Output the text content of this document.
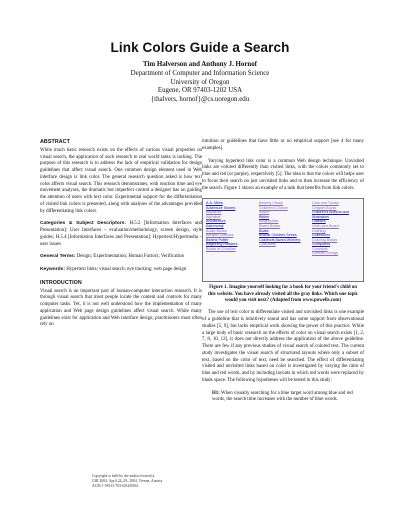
Link Colors Guide a Search
Tim Halverson and Anthony J. Hornof
Department of Computer and Information Science
University of Oregon
Eugene, OR 97403-1202 USA
{thalvers, hornof}@cs.uoregon.edu
ABSTRACT
While much basic research exists on the effects of various visual properties on visual search, the application of such research to real world tasks is lacking. The purpose of this research is to address the lack of empirical validation for design guidelines that affect visual search. One common design element used in Web interface design is link color. The general research question asked is how text color affects visual search. This research demonstrates, with reaction time and eye movement analyses, the dramatic but imperfect control a designer has on guiding the attention of users with text color. Experimental support for the differentiation of visited link colors is presented, along with analyses of the advantages provided by differentiating link colors.
Categories & Subject Descriptors: H.5.2 [Information Interfaces and Presentation]: User Interfaces – evaluation/methodology, screen design, style guides; H.5.4 [Information Interfaces and Presentation]: Hypertext/Hypermedia – user issues
General Terms: Design; Experimentation; Human Factors; Verification
Keywords: Hypertext links; visual search; eye tracking; web page design
INTRODUCTION
Visual search is an important part of human-computer interaction research. It is through visual search that most people locate the content and controls for many computer tasks. Yet, it is not well understood how the implementation of many application and Web page design guidelines affect visual search. While many guidelines exist for application and Web interface design, practitioners must often rely on
Copyright is held by the author/owner(s).
CHI 2004, April 24–29, 2004, Vienna, Austria.
ACM 1-58113-703-6/04/0004.
intuition or guidelines that have little or no empirical support [see 4 for many examples].
Varying hypertext link color is a common Web design technique. Unvisited links are colored differently than visited links, with the colors commonly set to blue and red (or purple), respectively [5]. The idea is that the colors will helps user to focus their search on just unvisited links and to then increase the efficiency of the search. Figure 1 shows an example of a task that benefits from link colors.
A.A. Milne
Adventure Stories
Airplanes
Alphabet
Architecture
Astronomy
Audio Books
Bargain Classics
Beatrix Potter
Beginning Readers
Books w/ Goodies
Beverly Cleary
Children's Choice
Award
Bibles
Biographies
Board Books
Boats
Boxcar Children Series
Caldecott Award Winners
Calendars
Cars and Trucks
Chapter Books
Children's Authors and Illustrators
Classics
Cloth and Board
Clothing
Collections
Coloring Books
Computers
Concepts
Curious George
Figure 1. Imagine yourself looking for a book for your friend's child on this website. You have already visited all the gray links. Which one topic would you visit next? (Adapted from www.powells.com)
The use of text color to differentiate visited and unvisited links is one example of a guideline that is intuitively sound and has some support from observational studies [5, 9], but lacks empirical work showing the power of this practice. While a large body of basic research on the effects of color on visual search exists [1, 2, 7, 8, 10, 12], it does not directly address the application of the above guideline. There are few if any previous studies of visual search of colored text. The current study investigates the visual search of structured layouts where only a subset of text, based on the color of text, need be searched. The effect of differentiating visited and unvisited links based on color is investigated by varying the ratio of blue and red words, and by including layouts in which red words were replaced by blank space. The following hypotheses will be tested in this study:
H1: When visually searching for a blue target word among blue and red words, the search time increases with the number of blue words.
